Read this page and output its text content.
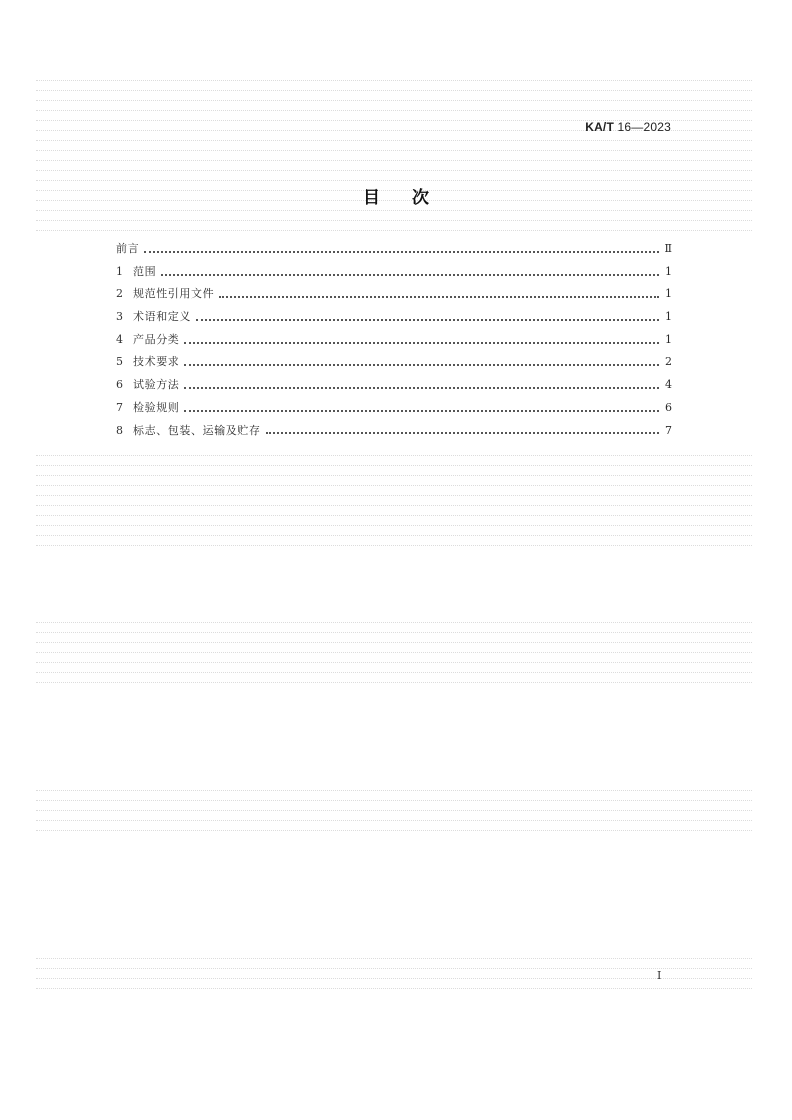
KA/T 16—2023
目次
前言	Ⅱ
1 范围	1
2 规范性引用文件	1
3 术语和定义	1
4 产品分类	1
5 技术要求	2
6 试验方法	4
7 检验规则	6
8 标志、包装、运输及贮存	7
I
